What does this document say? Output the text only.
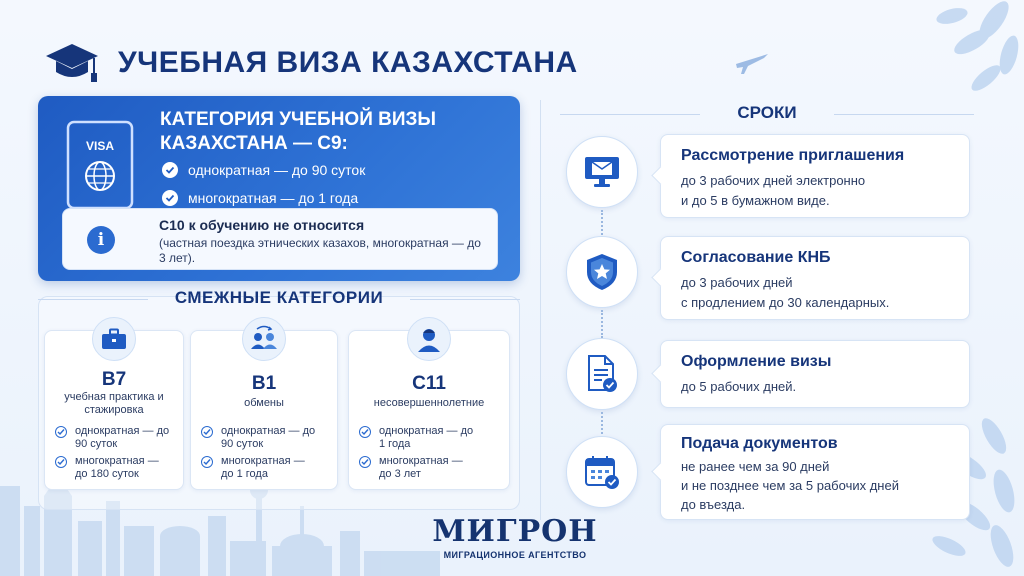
УЧЕБНАЯ ВИЗА КАЗАХСТАНА
VISA
КАТЕГОРИЯ УЧЕБНОЙ ВИЗЫ КАЗАХСТАНА — С9:
однократная — до 90 суток
многократная — до 1 года
i
С10 к обучению не относится
(частная поездка этнических казахов, многократная — до 3 лет).
СМЕЖНЫЕ КАТЕГОРИИ
B7
учебная практика и стажировка
однократная — до 90 суток
многократная — до 180 суток
B1
обмены
однократная — до 90 суток
многократная — до 1 года
C11
несовершеннолетние
однократная — до 1 года
многократная — до 3 лет
СРОКИ
Рассмотрение приглашения
до 3 рабочих дней электронно
и до 5 в бумажном виде.
Согласование КНБ
до 3 рабочих дней
с продлением до 30 календарных.
Оформление визы
до 5 рабочих дней.
Подача документов
не ранее чем за 90 дней
и не позднее чем за 5 рабочих дней
до въезда.
МИГРОН
МИГРАЦИОННОЕ АГЕНТСТВО
